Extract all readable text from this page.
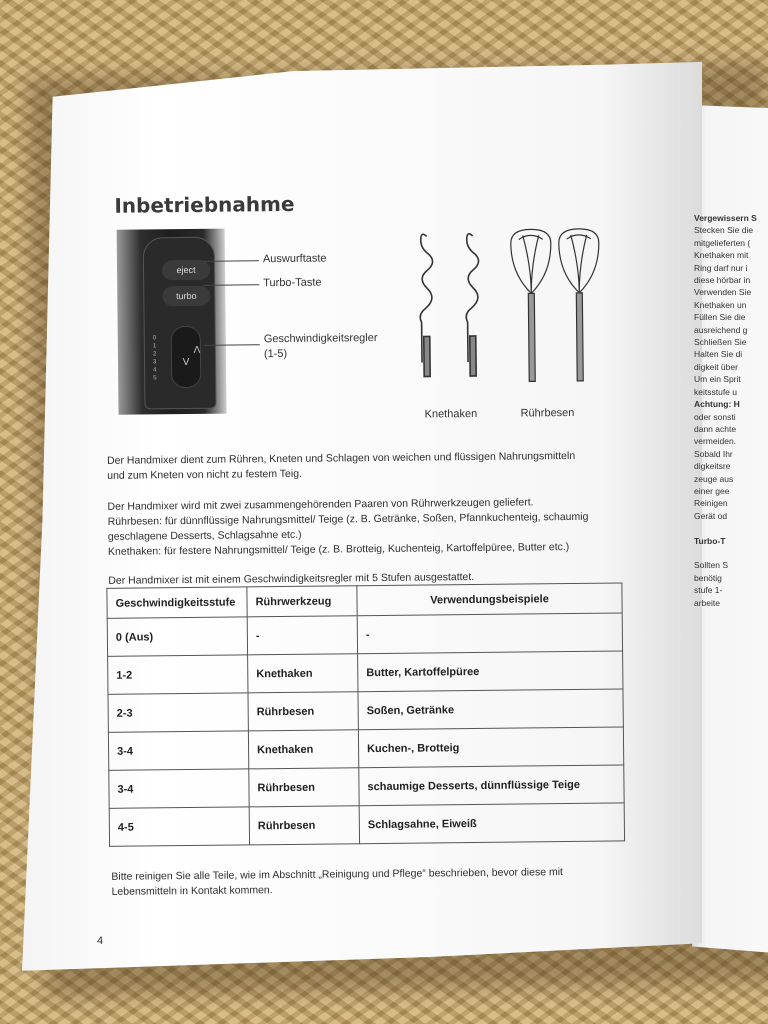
Inbetriebnahme
eject
turbo

Λ
V

0
1
2
3
4
5
Auswurftaste
Turbo-Taste
Geschwindigkeitsregler
(1-5)
Knethaken	Rührbesen
Der Handmixer dient zum Rühren, Kneten und Schlagen von weichen und flüssigen Nahrungsmitteln
und zum Kneten von nicht zu festem Teig.
Der Handmixer wird mit zwei zusammengehörenden Paaren von Rührwerkzeugen geliefert.
Rührbesen: für dünnflüssige Nahrungsmittel/ Teige (z. B. Getränke, Soßen, Pfannkuchenteig, schaumig
geschlagene Desserts, Schlagsahne etc.)
Knethaken: für festere Nahrungsmittel/ Teige (z. B. Brotteig, Kuchenteig, Kartoffelpüree, Butter etc.)
Der Handmixer ist mit einem Geschwindigkeitsregler mit 5 Stufen ausgestattet.
Geschwindigkeitsstufe	Rührwerkzeug	Verwendungsbeispiele
0 (Aus)	-	-
1-2	Knethaken	Butter, Kartoffelpüree
2-3	Rührbesen	Soßen, Getränke
3-4	Knethaken	Kuchen-, Brotteig
3-4	Rührbesen	schaumige Desserts, dünnflüssige Teige
4-5	Rührbesen	Schlagsahne, Eiweiß
Bitte reinigen Sie alle Teile, wie im Abschnitt „Reinigung und Pflege“ beschrieben, bevor diese mit
Lebensmitteln in Kontakt kommen.
4
Vergewissern S
Stecken Sie die
mitgelieferten (
Knethaken mit
Ring darf nur i
diese hörbar in
Verwenden Sie
Knethaken un
Füllen Sie die
ausreichend g
Schließen Sie
Halten Sie di
digkeit über
Um ein Sprit
keitsstufe u
Achtung: H
oder sonsti
dann achte
vermeiden.
Sobald Ihr
digkeitsre
zeuge aus
einer gee
Reinigen
Gerät od

Turbo-T

Sollten S
benötig
stufe 1-
arbeite
